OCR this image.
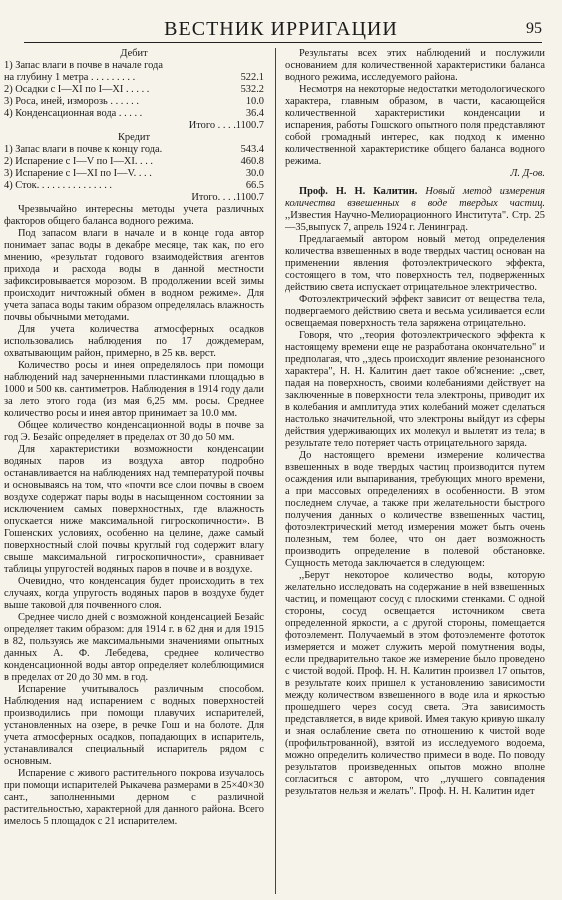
ВЕСТНИК ИРРИГАЦИИ	95
Дебит
1) Запас влаги в почве в начале года
на глубину 1 метра . . . . . . . . .	522.1
2) Осадки с I—XI по I—XI . . . . .	532.2
3) Роса, иней, изморозь . . . . . .	10.0
4) Конденсационная вода . . . . .	36.4
Итого . . . .1100.7
Кредит
1) Запас влаги в почве к концу года.	543.4
2) Испарение с I—V по I—XI. . . .	460.8
3) Испарение с I—XI по I—V. . . .	30.0
4) Сток. . . . . . . . . . . . . . .	66.5
Итого. . . .1100.7

Чрезвычайно интересны методы учета различных факторов общего баланса водного режима.

Под запасом влаги в начале и в конце года автор понимает запас воды в декабре месяце, так как, по его мнению, «результат годового взаимодействия агентов прихода и расхода воды в данной местности зафиксировывается морозом. В продолжении всей зимы происходит ничтожный обмен в водном режиме». Для учета запаса воды таким образом определялась влажность почвы обычными методами.

Для учета количества атмосферных осадков использовались наблюдения по 17 дождемерам, охватывающим район, примерно, в 25 кв. верст.

Количество росы и инея определялось при помощи наблюдений над зачерненными пластинками площадью в 1000 и 500 кв. сантиметров. Наблюдения в 1914 году дали за лето этого года (из мая 6,25 мм. росы. Среднее количество росы и инея автор принимает за 10.0 мм.

Общее количество конденсационной воды в почве за год Э. Безайс определяет в пределах от 30 до 50 мм.

Для характеристики возможности конденсации водяных паров из воздуха автор подробно останавливается на наблюдениях над температурой почвы и основываясь на том, что «почти все слои почвы в своем воздухе содержат пары воды в насыщенном состоянии за исключением самых поверхностных, где влажность опускается ниже максимальной гигроскопичности». В Гошенских условиях, особенно на целине, даже самый поверхностный слой почвы круглый год содержит влагу свыше максимальной гигроскопичности», сравнивает таблицы упругостей водяных паров в почве и в воздухе.

Очевидно, что конденсация будет происходить в тех случаях, когда упругость водяных паров в воздухе будет выше таковой для почвенного слоя.

Среднее число дней с возможной конденсацией Безайс определяет таким образом: для 1914 г. в 62 дня и для 1915 в 82, пользуясь же максимальными значениями опытных данных А. Ф. Лебедева, среднее количество конденсационной воды автор определяет колеблющимися в пределах от 20 до 30 мм. в год.

Испарение учитывалось различным способом. Наблюдения над испарением с водных поверхностей производились при помощи плавучих испарителей, установленных на озере, в речке Гош и на болоте. Для учета атмосферных осадков, попадающих в испаритель, устанавливался специальный испаритель рядом с основным.

Испарение с живого растительного покрова изучалось при помощи испарителей Рыкачева размерами в 25×40×30 сант., заполненными дерном с различной растительностью, характерной для данного района. Всего имелось 5 площадок с 21 испарителем.

Результаты всех этих наблюдений и послужили основанием для количественной характеристики баланса водного режима, исследуемого района.

Несмотря на некоторые недостатки методологического характера, главным образом, в части, касающейся количественной характеристики конденсации и испарения, работы Гошского опытного поля представляют собой громадный интерес, как подход к именно количественной характеристике общего баланса водного режима.

Л. Д-ов.

Проф. Н. Н. Калитин. Новый метод измерения количества взвешенных в воде твердых частиц. ,,Известия Научно-Мелиорационного Института". Стр. 25—35,выпуск 7, апрель 1924 г. Ленинград.

Предлагаемый автором новый метод определения количества взвешенных в воде твердых частиц основан на применении явления фотоэлектрического эффекта, состоящего в том, что поверхность тел, подверженных действию света испускает отрицательное электричество.

Фотоэлектрический эффект зависит от вещества тела, подвергаемого действию света и весьма усиливается если освещаемая поверхность тела заряжена отрицательно.

Говоря, что ,,теория фотоэлектрического эффекта к настоящему времени еще не разработана окончательно" и предполагая, что ,,здесь происходит явление резонансного характера", Н. Н. Калитин дает такое об'яснение: ,,свет, падая на поверхность, своими колебаниями действует на заключенные в поверхности тела электроны, приводит их в колебания и амплитуда этих колебаний может сделаться настолько значительной, что электроны выйдут из сферы действия удерживающих их молекул и вылетят из тела; в результате тело потеряет часть отрицательного заряда.

До настоящего времени измерение количества взвешенных в воде твердых частиц производится путем осаждения или выпаривания, требующих много времени, а при массовых определениях в особенности. В этом последнем случае, а также при желательности быстрого получения данных о количестве взвешенных частиц, фотоэлектрический метод измерения может быть очень полезным, тем более, что он дает возможность производить определение в полевой обстановке. Сущность метода заключается в следующем:

,,Берут некоторое количество воды, которую желательно исследовать на содержание в ней взвешенных частиц, и помещают сосуд с плоскими стенками. С одной стороны, сосуд освещается источником света определенной яркости, а с другой стороны, помещается фотоэлемент. Получаемый в этом фотоэлементе фототок измеряется и может служить мерой помутнения воды, если предварительно такое же измерение было проведено с чистой водой. Проф. Н. Н. Калитин произвел 17 опытов, в результате коих пришел к установлению зависимости между количеством взвешенного в воде ила и яркостью прошедшего через сосуд света. Эта зависимость представляется, в виде кривой. Имея такую кривую шкалу и зная ослабление света по отношению к чистой воде (профильтрованной), взятой из исследуемого водоема, можно определить количество примеси в воде. По поводу результатов произведенных опытов можно вполне согласиться с автором, что ,,лучшего совпадения результатов нельзя и желать". Проф. Н. Н. Калитин идет
